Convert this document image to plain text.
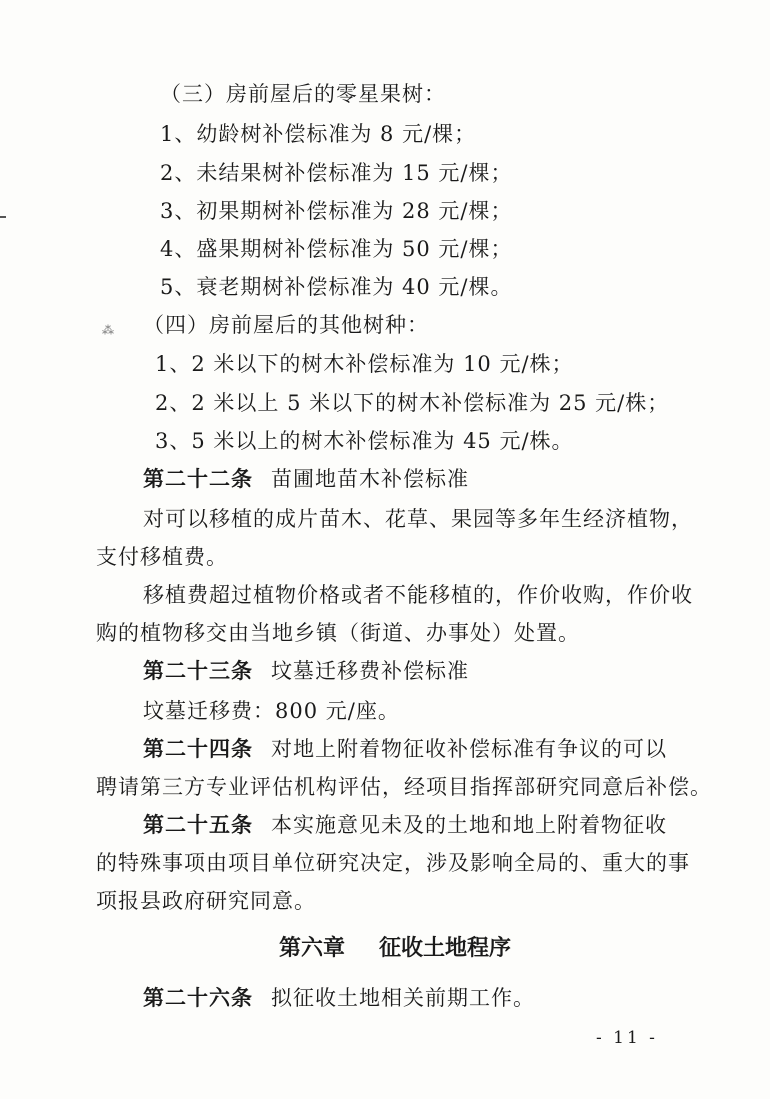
⁂
（三）房前屋后的零星果树：
1、幼龄树补偿标准为 8 元/棵；
2、未结果树补偿标准为 15 元/棵；
3、初果期树补偿标准为 28 元/棵；
4、盛果期树补偿标准为 50 元/棵；
5、衰老期树补偿标准为 40 元/棵。
（四）房前屋后的其他树种：
1、2 米以下的树木补偿标准为 10 元/株；
2、2 米以上 5 米以下的树木补偿标准为 25 元/株；
3、5 米以上的树木补偿标准为 45 元/株。
第二十二条 苗圃地苗木补偿标准
对可以移植的成片苗木、花草、果园等多年生经济植物，
支付移植费。
移植费超过植物价格或者不能移植的，作价收购，作价收
购的植物移交由当地乡镇（街道、办事处）处置。
第二十三条 坟墓迁移费补偿标准
坟墓迁移费：800 元/座。
第二十四条 对地上附着物征收补偿标准有争议的可以
聘请第三方专业评估机构评估，经项目指挥部研究同意后补偿。
第二十五条 本实施意见未及的土地和地上附着物征收
的特殊事项由项目单位研究决定，涉及影响全局的、重大的事
项报县政府研究同意。
第六章 征收土地程序
第二十六条 拟征收土地相关前期工作。
- 11 -
